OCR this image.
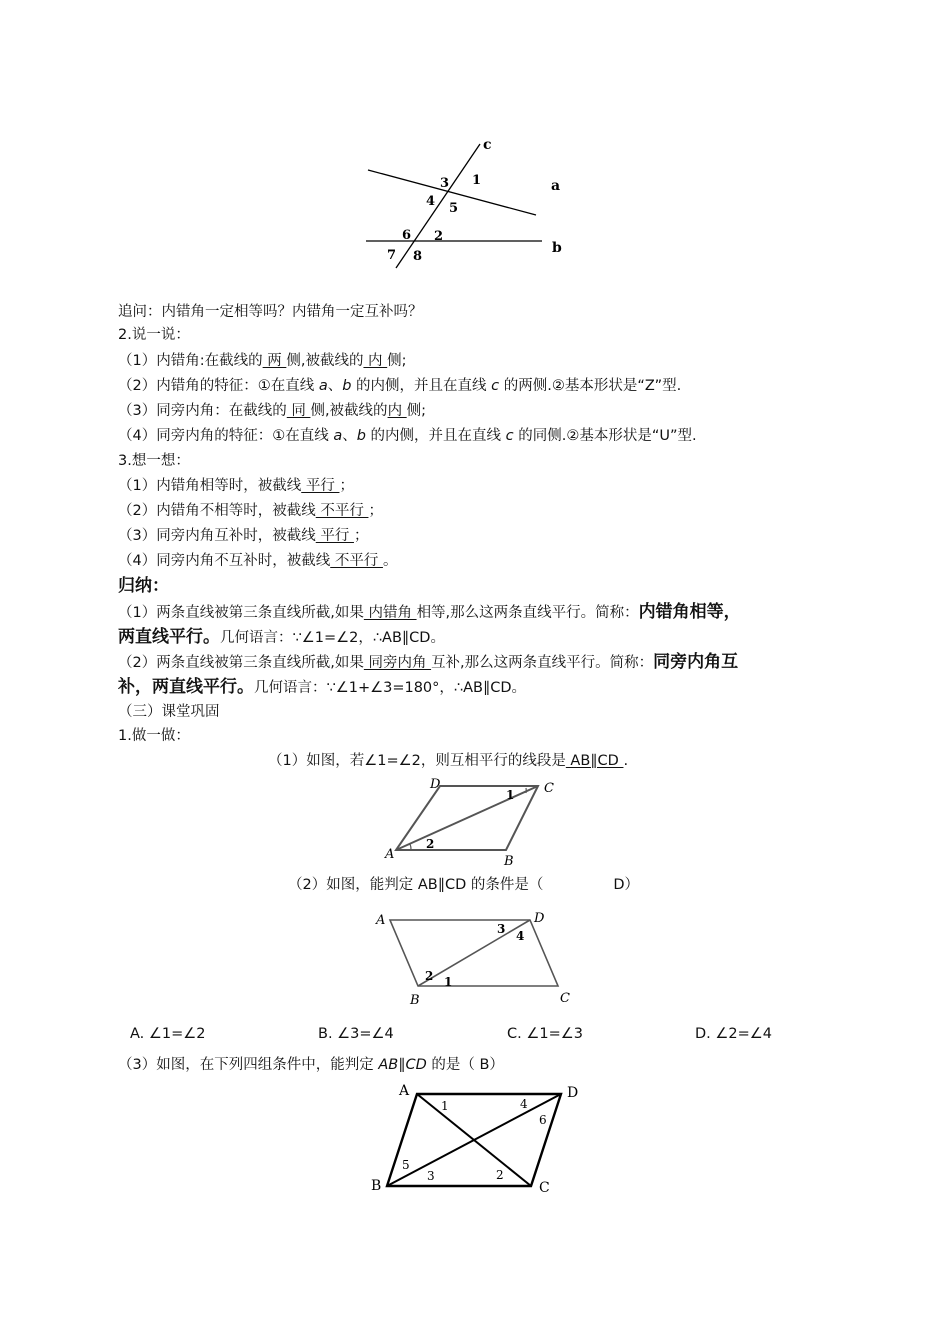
c
a
b
1
3
4 5
6 2
7 8
追问：内错角一定相等吗？内错角一定互补吗？
2.说一说：
（1）内错角:在截线的 两 侧,被截线的 内 侧;
（2）内错角的特征：①在直线 a、b 的内侧，并且在直线 c 的两侧.②基本形状是“Z”型.
（3）同旁内角：在截线的 同 侧,被截线的内 侧;
（4）同旁内角的特征：①在直线 a、b 的内侧，并且在直线 c 的同侧.②基本形状是“U”型.
3.想一想：
（1）内错角相等时，被截线 平行 ；
（2）内错角不相等时，被截线 不平行 ；
（3）同旁内角互补时，被截线 平行 ；
（4）同旁内角不互补时，被截线 不平行 。
归纳：
（1）两条直线被第三条直线所截,如果 内错角 相等,那么这两条直线平行。简称：内错角相等，
两直线平行。几何语言：∵∠1=∠2，∴AB∥CD。
（2）两条直线被第三条直线所截,如果 同旁内角 互补,那么这两条直线平行。简称：同旁内角互
补，两直线平行。几何语言：∵∠1+∠3=180°，∴AB∥CD。
（三）课堂巩固
1.做一做：
（1）如图，若∠1=∠2，则互相平行的线段是 AB∥CD .
D	C
A	B
1
2
（2）如图，能判定 AB∥CD 的条件是（	D）
A	D
C
B
3 4
2 1
A. ∠1=∠2	B. ∠3=∠4	C. ∠1=∠3	D. ∠2=∠4
（3）如图，在下列四组条件中，能判定 AB∥CD 的是（ B）
A	D
B	C
1	4
6
5
3	2
